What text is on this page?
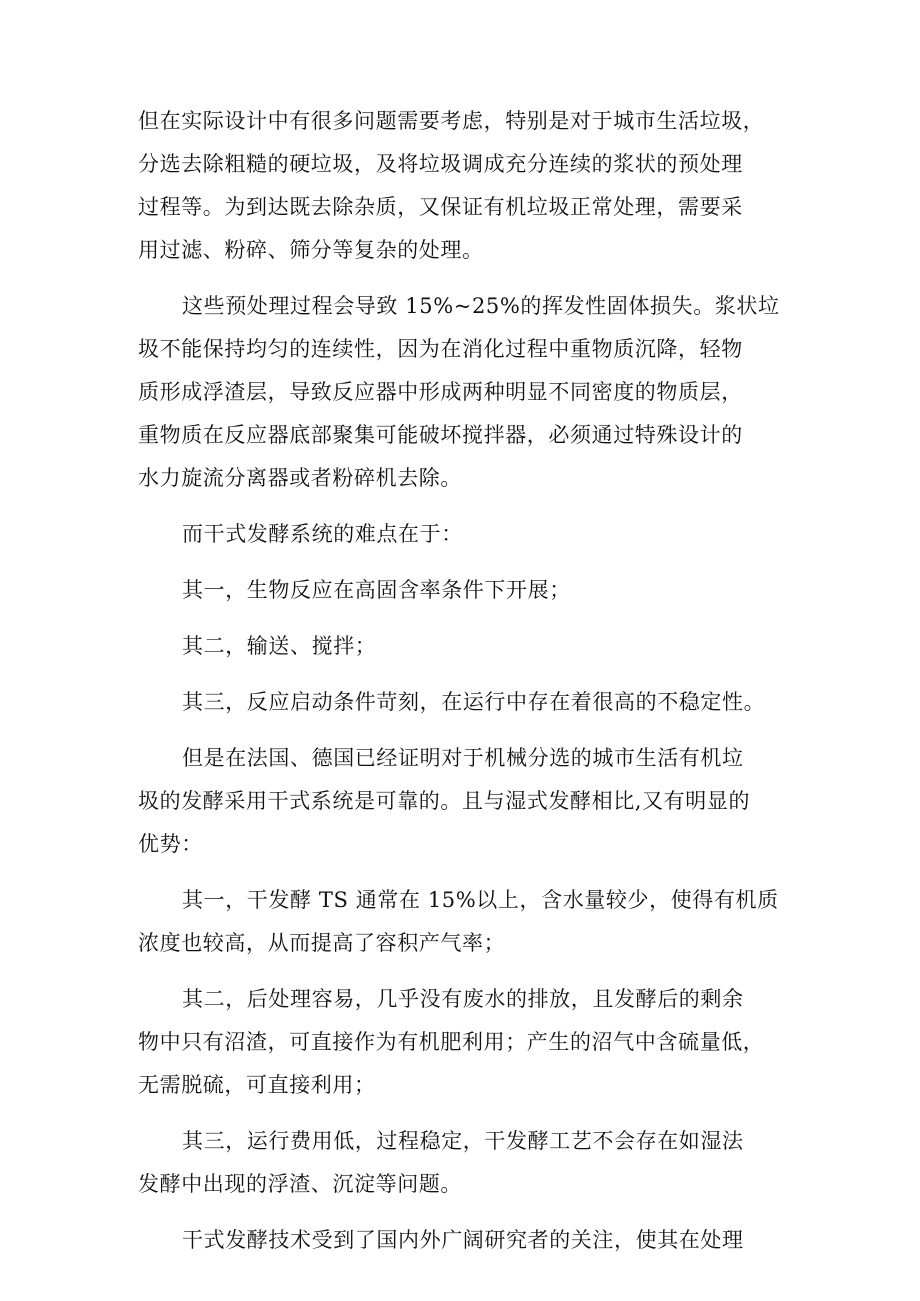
但在实际设计中有很多问题需要考虑，特别是对于城市生活垃圾，
分选去除粗糙的硬垃圾，及将垃圾调成充分连续的浆状的预处理
过程等。为到达既去除杂质，又保证有机垃圾正常处理，需要采
用过滤、粉碎、筛分等复杂的处理。

这些预处理过程会导致 15%~25%的挥发性固体损失。浆状垃
圾不能保持均匀的连续性，因为在消化过程中重物质沉降，轻物
质形成浮渣层，导致反应器中形成两种明显不同密度的物质层，
重物质在反应器底部聚集可能破坏搅拌器，必须通过特殊设计的
水力旋流分离器或者粉碎机去除。

而干式发酵系统的难点在于：

其一，生物反应在高固含率条件下开展；

其二，输送、搅拌；

其三，反应启动条件苛刻，在运行中存在着很高的不稳定性。

但是在法国、德国已经证明对于机械分选的城市生活有机垃
圾的发酵采用干式系统是可靠的。且与湿式发酵相比,又有明显的
优势：

其一，干发酵 TS 通常在 15%以上，含水量较少，使得有机质
浓度也较高，从而提高了容积产气率；

其二，后处理容易，几乎没有废水的排放，且发酵后的剩余
物中只有沼渣，可直接作为有机肥利用；产生的沼气中含硫量低，
无需脱硫，可直接利用；

其三，运行费用低，过程稳定，干发酵工艺不会存在如湿法
发酵中出现的浮渣、沉淀等问题。

干式发酵技术受到了国内外广阔研究者的关注，使其在处理
